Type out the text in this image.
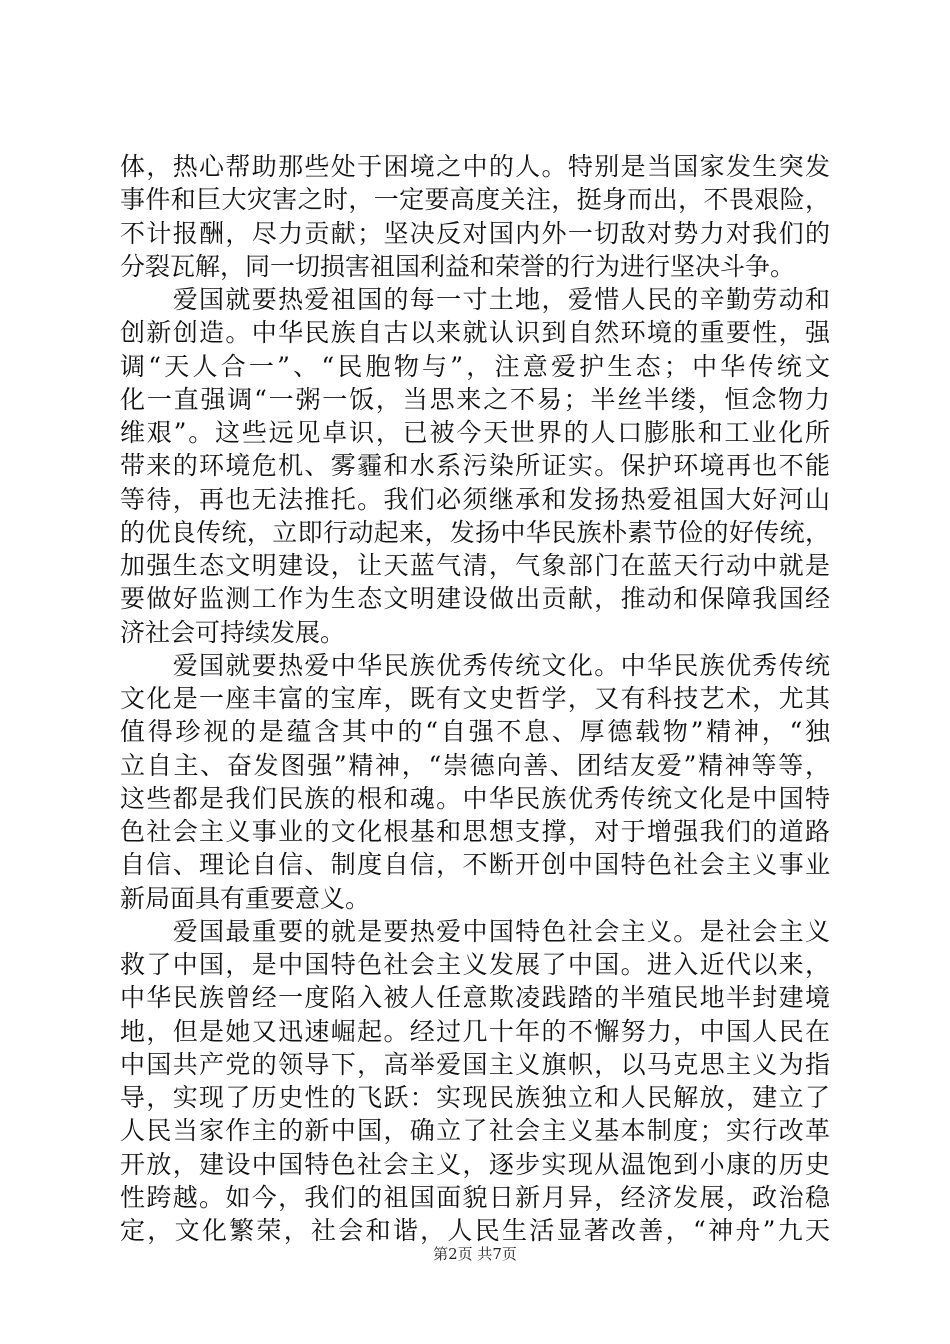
体，热心帮助那些处于困境之中的人。特别是当国家发生突发
事件和巨大灾害之时，一定要高度关注，挺身而出，不畏艰险，
不计报酬，尽力贡献；坚决反对国内外一切敌对势力对我们的
分裂瓦解，同一切损害祖国利益和荣誉的行为进行坚决斗争。
　　爱国就要热爱祖国的每一寸土地，爱惜人民的辛勤劳动和
创新创造。中华民族自古以来就认识到自然环境的重要性，强
调“天人合一”、“民胞物与”，注意爱护生态；中华传统文
化一直强调“一粥一饭，当思来之不易；半丝半缕，恒念物力
维艰”。这些远见卓识，已被今天世界的人口膨胀和工业化所
带来的环境危机、雾霾和水系污染所证实。保护环境再也不能
等待，再也无法推托。我们必须继承和发扬热爱祖国大好河山
的优良传统，立即行动起来，发扬中华民族朴素节俭的好传统，
加强生态文明建设，让天蓝气清，气象部门在蓝天行动中就是
要做好监测工作为生态文明建设做出贡献，推动和保障我国经
济社会可持续发展。
　　爱国就要热爱中华民族优秀传统文化。中华民族优秀传统
文化是一座丰富的宝库，既有文史哲学，又有科技艺术，尤其
值得珍视的是蕴含其中的“自强不息、厚德载物”精神，“独
立自主、奋发图强”精神，“崇德向善、团结友爱”精神等等，
这些都是我们民族的根和魂。中华民族优秀传统文化是中国特
色社会主义事业的文化根基和思想支撑，对于增强我们的道路
自信、理论自信、制度自信，不断开创中国特色社会主义事业
新局面具有重要意义。
　　爱国最重要的就是要热爱中国特色社会主义。是社会主义
救了中国，是中国特色社会主义发展了中国。进入近代以来，
中华民族曾经一度陷入被人任意欺凌践踏的半殖民地半封建境
地，但是她又迅速崛起。经过几十年的不懈努力，中国人民在
中国共产党的领导下，高举爱国主义旗帜，以马克思主义为指
导，实现了历史性的飞跃：实现民族独立和人民解放，建立了
人民当家作主的新中国，确立了社会主义基本制度；实行改革
开放，建设中国特色社会主义，逐步实现从温饱到小康的历史
性跨越。如今，我们的祖国面貌日新月异，经济发展，政治稳
定，文化繁荣，社会和谐，人民生活显著改善，“神舟”九天
第2页 共7页
